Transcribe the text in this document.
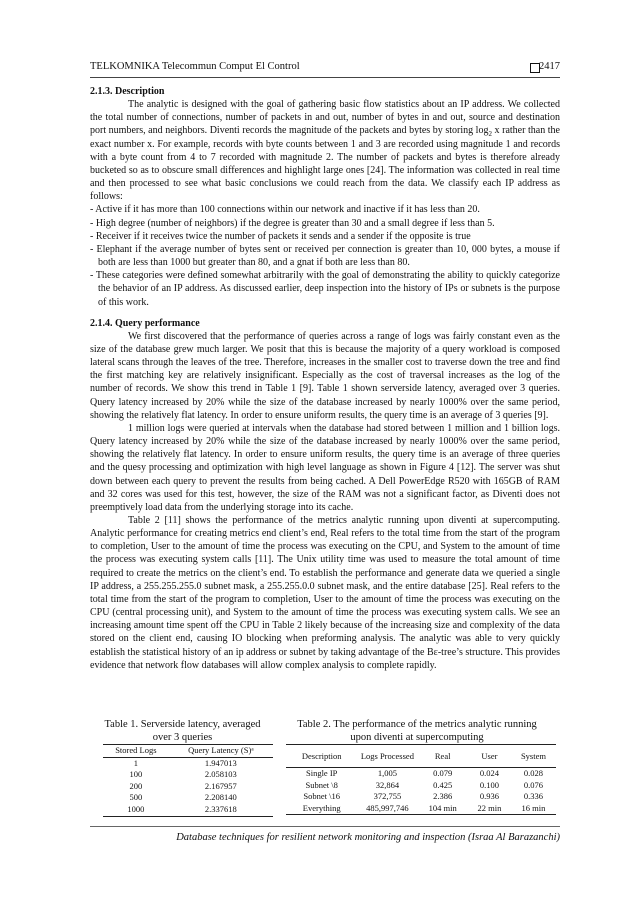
TELKOMNIKA Telecommun Comput El Control	2417
2.1.3. Description

The analytic is designed with the goal of gathering basic flow statistics about an IP address. We collected the total number of connections, number of packets in and out, number of bytes in and out, source and destination port numbers, and neighbors. Diventi records the magnitude of the packets and bytes by storing $\log_2 x$ rather than the exact number x. For example, records with byte counts between 1 and 3 are recorded using magnitude 1 and records with a byte count from 4 to 7 recorded with magnitude 2. The number of packets and bytes is therefore already bucketed so as to obscure small differences and highlight large ones [24]. The information was collected in real time and then processed to see what basic conclusions we could reach from the data. We classify each IP address as follows:

- Active if it has more than 100 connections within our network and inactive if it has less than 20.
- High degree (number of neighbors) if the degree is greater than 30 and a small degree if less than 5.
- Receiver if it receives twice the number of packets it sends and a sender if the opposite is true
- Elephant if the average number of bytes sent or received per connection is greater than 10, 000 bytes, a mouse if both are less than 1000 but greater than 80, and a gnat if both are less than 80.
- These categories were defined somewhat arbitrarily with the goal of demonstrating the ability to quickly categorize the behavior of an IP address. As discussed earlier, deep inspection into the history of IPs or subnets is the purpose of this work.
2.1.4. Query performance

We first discovered that the performance of queries across a range of logs was fairly constant even as the size of the database grew much larger. We posit that this is because the majority of a query workload is composed lateral scans through the leaves of the tree. Therefore, increases in the smaller cost to traverse down the tree and find the first matching key are relatively insignificant. Especially as the cost of traversal increases as the log of the number of records. We show this trend in Table 1 [9]. Table 1 shown serverside latency, averaged over 3 queries. Query latency increased by 20% while the size of the database increased by nearly 1000% over the same period, showing the relatively flat latency. In order to ensure uniform results, the query time is an average of 3 queries [9].

1 million logs were queried at intervals when the database had stored between 1 million and 1 billion logs. Query latency increased by 20% while the size of the database increased by nearly 1000% over the same period, showing the relatively flat latency. In order to ensure uniform results, the query time is an average of three queries and the quesy processing and optimization with high level language as shown in Figure 4 [12]. The server was shut down between each query to prevent the results from being cached. A Dell PowerEdge R520 with 165GB of RAM and 32 cores was used for this test, however, the size of the RAM was not a significant factor, as Diventi does not preemptively load data from the underlying storage into its cache.

Table 2 [11] shows the performance of the metrics analytic running upon diventi at supercomputing. Analytic performance for creating metrics end client’s end, Real refers to the total time from the start of the program to completion, User to the amount of time the process was executing on the CPU, and System to the amount of time the process was executing system calls [11]. The Unix utility time was used to measure the total amount of time required to create the metrics on the client’s end. To establish the performance and generate data we queried a single IP address, a 255.255.255.0 subnet mask, a 255.255.0.0 subnet mask, and the entire database [25]. Real refers to the total time from the start of the program to completion, User to the amount of time the process was executing on the CPU (central processing unit), and System to the amount of time the process was executing system calls. We see an increasing amount time spent off the CPU in Table 2 likely because of the increasing size and complexity of the data stored on the client end, causing IO blocking when preforming analysis. The analytic was able to very quickly establish the statistical history of an ip address or subnet by taking advantage of the Bε-tree’s structure. This provides evidence that network flow databases will allow complex analysis to complete rapidly.

Table 1. Serverside latency, averaged over 3 queries
Stored Logs	Query Latency (S)ᵃ
1	1.947013
100	2.058103
200	2.167957
500	2.208140
1000	2.337618
Table 2. The performance of the metrics analytic running upon diventi at supercomputing
Description	Logs Processed	Real	User	System
Single IP	1,005	0.079	0.024	0.028
Subnet \8	32,864	0.425	0.100	0.076
Sobnet \16	372,755	2.386	0.936	0.336
Everything	485,997,746	104 min	22 min	16 min
Database techniques for resilient network monitoring and inspection (Israa Al Barazanchi)
